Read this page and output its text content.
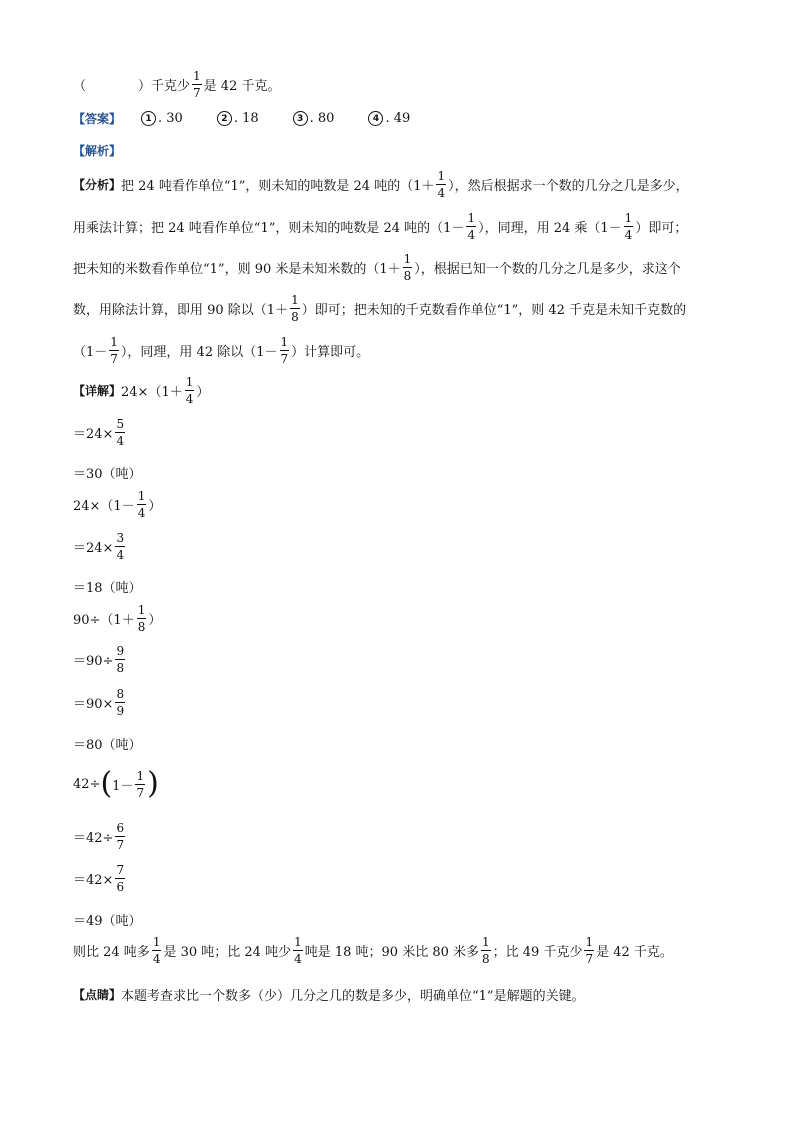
（　　　　） 千克少 $\frac{1}{7}$ 是 42 千克。
【答案】	1 . 30	2 . 18	3 . 80	4 . 49
【解析】
【分析】 把 24 吨看作单位“1”，则未知的吨数是 24 吨的（$1+ \frac{1}{4}$ ），然后根据求一个数的几分之几是多少，
用乘法计算；把 24 吨看作单位“1”，则未知的吨数是 24 吨的（$1- \frac{1}{4}$ ），同理，用 24 乘（$1- \frac{1}{4}$ ）即可；
把未知的米数看作单位“1”，则 90 米是未知米数的（$1+ \frac{1}{8}$ ），根据已知一个数的几分之几是多少，求这个
数，用除法计算，即用 90 除以（$1+ \frac{1}{8}$ ）即可；把未知的千克数看作单位“1”，则 42 千克是未知千克数的
（$1- \frac{1}{7}$ ），同理，用 42 除以（$1- \frac{1}{7}$ ）计算即可。
【详解】 $24\times(1+ \frac{1}{4}$ ）
$=24\times \frac{5}{4}$
＝30（吨）
$24\times(1- \frac{1}{4}$ ）
$=24\times \frac{3}{4}$
＝18（吨）
$90\div(1+ \frac{1}{8}$ ）
$=90\div \frac{9}{8}$
$=90\times \frac{8}{9}$
＝80（吨）
42÷ ( $1- \frac{1}{7}$ )
$=42\div \frac{6}{7}$
$=42\times \frac{7}{6}$
＝49（吨）
则比 24 吨多 $\frac{1}{4}$ 是 30 吨；比 24 吨少 $\frac{1}{4}$ 吨是 18 吨；90 米比 80 米多 $\frac{1}{8}$ ；比 49 千克少 $\frac{1}{7}$ 是 42 千克。
【点睛】 本题考查求比一个数多（少）几分之几的数是多少，明确单位“1”是解题的关键。
